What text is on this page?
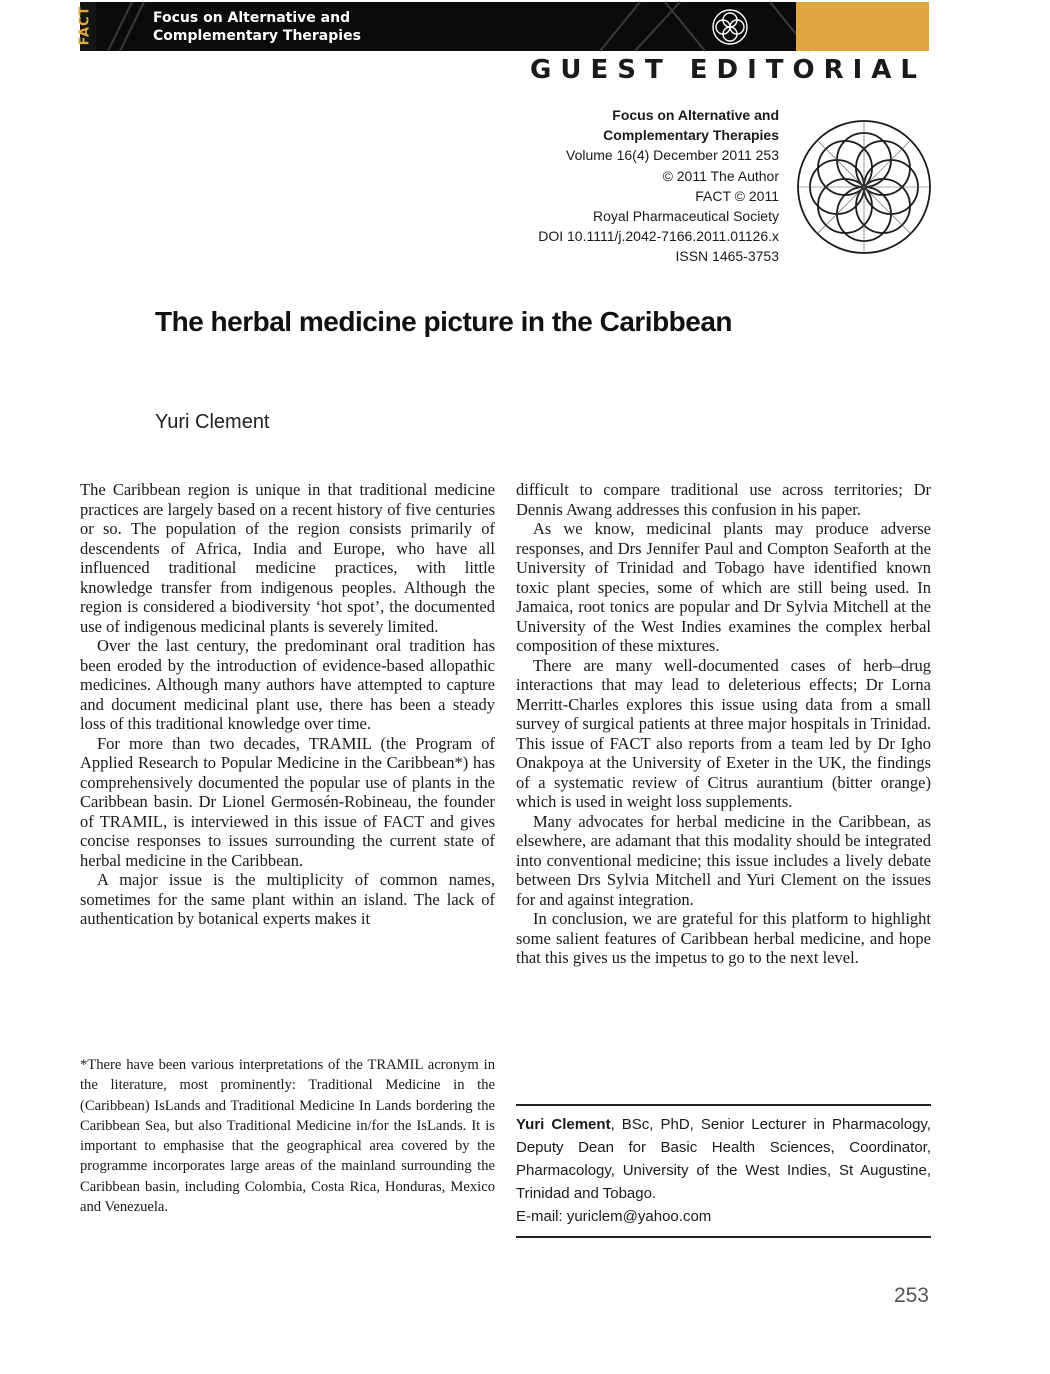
FACT	Focus on Alternative and
Complementary Therapies
GUEST EDITORIAL
Focus on Alternative and
Complementary Therapies
Volume 16(4) December 2011 253
© 2011 The Author
FACT © 2011
Royal Pharmaceutical Society
DOI 10.1111/j.2042-7166.2011.01126.x
ISSN 1465-3753
The herbal medicine picture in the Caribbean
Yuri Clement

The Caribbean region is unique in that traditional medicine practices are largely based on a recent history of five centuries or so. The population of the region consists primarily of descendents of Africa, India and Europe, who have all influenced traditional medicine practices, with little knowledge transfer from indigenous peoples. Although the region is considered a biodiversity ‘hot spot’, the documented use of indigenous medicinal plants is severely limited.

Over the last century, the predominant oral tradition has been eroded by the introduction of evidence-based allopathic medicines. Although many authors have attempted to capture and document medicinal plant use, there has been a steady loss of this traditional knowledge over time.

For more than two decades, TRAMIL (the Program of Applied Research to Popular Medicine in the Caribbean*) has comprehensively documented the popular use of plants in the Caribbean basin. Dr Lionel Germosén-Robineau, the founder of TRAMIL, is interviewed in this issue of FACT and gives concise responses to issues surrounding the current state of herbal medicine in the Caribbean.

A major issue is the multiplicity of common names, sometimes for the same plant within an island. The lack of authentication by botanical experts makes it

difficult to compare traditional use across territories; Dr Dennis Awang addresses this confusion in his paper.

As we know, medicinal plants may produce adverse responses, and Drs Jennifer Paul and Compton Seaforth at the University of Trinidad and Tobago have identified known toxic plant species, some of which are still being used. In Jamaica, root tonics are popular and Dr Sylvia Mitchell at the University of the West Indies examines the complex herbal composition of these mixtures.

There are many well-documented cases of herb–drug interactions that may lead to deleterious effects; Dr Lorna Merritt-Charles explores this issue using data from a small survey of surgical patients at three major hospitals in Trinidad. This issue of FACT also reports from a team led by Dr Igho Onakpoya at the University of Exeter in the UK, the findings of a systematic review of Citrus aurantium (bitter orange) which is used in weight loss supplements.

Many advocates for herbal medicine in the Caribbean, as elsewhere, are adamant that this modality should be integrated into conventional medicine; this issue includes a lively debate between Drs Sylvia Mitchell and Yuri Clement on the issues for and against integration.

In conclusion, we are grateful for this platform to highlight some salient features of Caribbean herbal medicine, and hope that this gives us the impetus to go to the next level.

*There have been various interpretations of the TRAMIL acronym in the literature, most prominently: Traditional Medicine in the (Caribbean) IsLands and Traditional Medicine In Lands bordering the Caribbean Sea, but also Traditional Medicine in/for the IsLands. It is important to emphasise that the geographical area covered by the programme incorporates large areas of the mainland surrounding the Caribbean basin, including Colombia, Costa Rica, Honduras, Mexico and Venezuela.
Yuri Clement, BSc, PhD, Senior Lecturer in Pharmacology, Deputy Dean for Basic Health Sciences, Coordinator, Pharmacology, University of the West Indies, St Augustine, Trinidad and Tobago.
E-mail: yuriclem@yahoo.com
253
